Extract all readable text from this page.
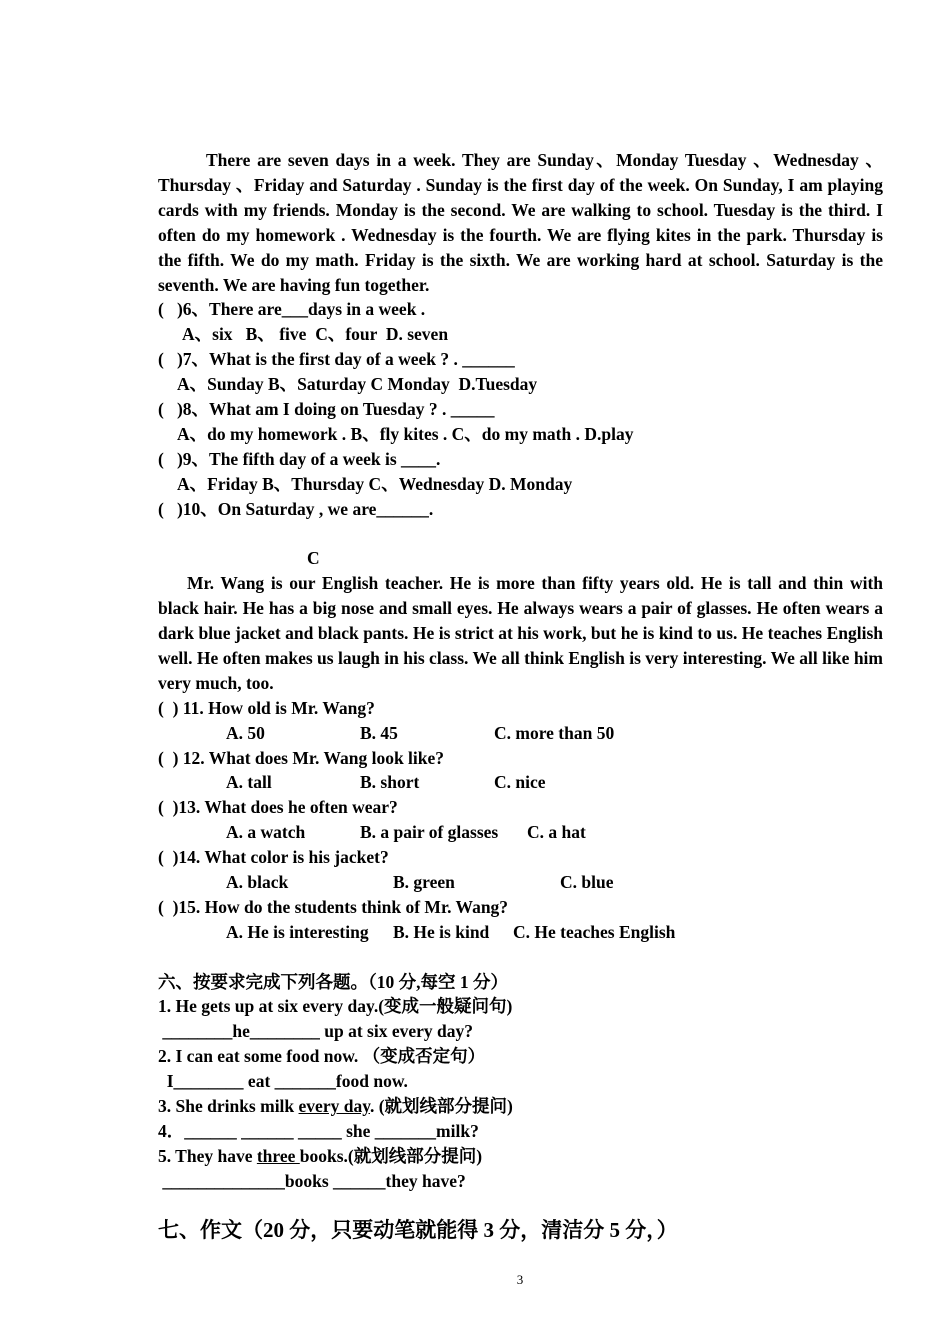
There are seven days in a week. They are Sunday、Monday Tuesday 、Wednesday 、Thursday 、Friday and Saturday . Sunday is the first day of the week. On Sunday, I am playing cards with my friends. Monday is the second. We are walking to school. Tuesday is the third. I often do my homework . Wednesday is the fourth. We are flying kites in the park. Thursday is the fifth. We do my math. Friday is the sixth. We are working hard at school. Saturday is the seventh. We are having fun together.

(   )6、There are___days in a week .
A、six   B、 five  C、four  D. seven
(   )7、What is the first day of a week ? . ______
A、Sunday B、Saturday C Monday  D.Tuesday
(   )8、What am I doing on Tuesday ? . _____
A、do my homework . B、fly kites . C、do my math . D.play
(   )9、The fifth day of a week is ____.
A、Friday B、Thursday C、Wednesday D. Monday
(   )10、On Saturday , we are______.
C

Mr. Wang is our English teacher. He is more than fifty years old. He is tall and thin with black hair. He has a big nose and small eyes. He always wears a pair of glasses. He often wears a dark blue jacket and black pants. He is strict at his work, but he is kind to us. He teaches English well. He often makes us laugh in his class. We all think English is very interesting. We all like him very much, too.

(  ) 11. How old is Mr. Wang?
A. 50	B. 45	C. more than 50
(  ) 12. What does Mr. Wang look like?
A. tall	B. short	C. nice
(  )13. What does he often wear?
A. a watch	B. a pair of glasses	C. a hat
(  )14. What color is his jacket?
A. black	B. green	C. blue
(  )15. How do the students think of Mr. Wang?
A. He is interesting	B. He is kind	C. He teaches English
六、按要求完成下列各题。（10 分,每空 1 分）
1. He gets up at six every day.(变成一般疑问句)
________he________ up at six every day?
2. I can eat some food now. （变成否定句）
I________ eat _______food now.
3. She drinks milk every day. (就划线部分提问)
4．______ ______ _____ she _______milk?
5. They have three books.(就划线部分提问)
______________books ______they have?
七、作文（20 分，只要动笔就能得 3 分，清洁分 5 分，）
3
